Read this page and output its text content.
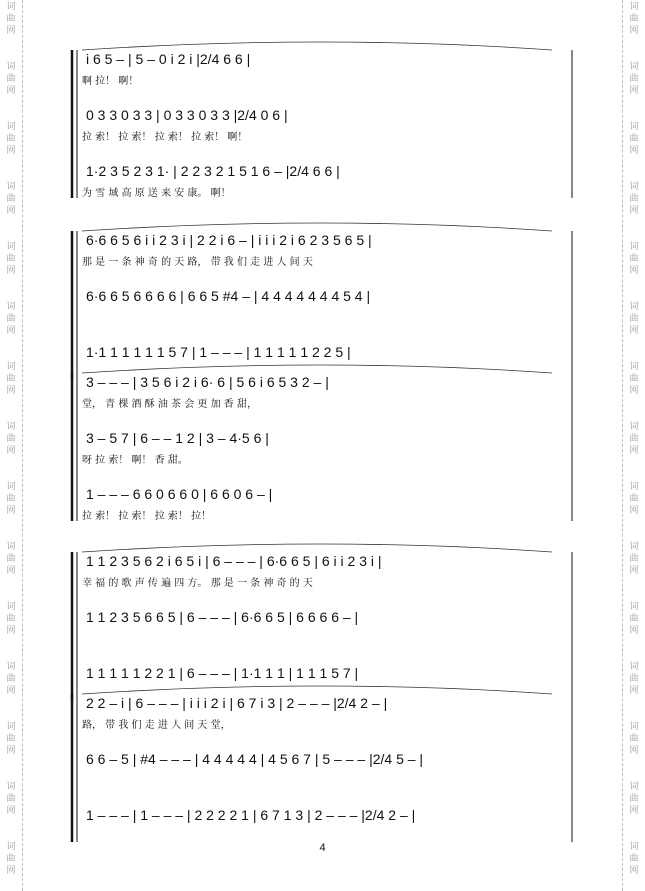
词
曲
网
词
曲
网
词
曲
网
词
曲
网
词
曲
网
词
曲
网
词
曲
网
词
曲
网
词
曲
网
词
曲
网
词
曲
网
词
曲
网
词
曲
网
词
曲
网
词
曲
网
词
曲
网
词
曲
网
词
曲
网
词
曲
网
词
曲
网
词
曲
网
词
曲
网
词
曲
网
词
曲
网
词
曲
网
词
曲
网
词
曲
网
词
曲
网
词
曲
网
词
曲
网
i 6 5 – | 5 – 0 i 2 i |2/4 6 6 |
啊 拉！ 啊！
0 3 3 0 3 3 | 0 3 3 0 3 3 |2/4 0 6 |
拉 索！ 拉 索！ 拉 索！ 拉 索！ 啊！
1·2 3 5 2 3 1· | 2 2 3 2 1 5 1 6 – |2/4 6 6 |
为 雪 域 高 原 送 来 安 康。 啊！
6·6 6 5 6 i i 2 3 i | 2 2 i 6 – | i i i 2 i 6 2 3 5 6 5 |
那 是 一 条 神 奇 的 天 路， 带 我 们 走 进 人 间 天
6·6 6 5 6 6 6 6 | 6 6 5 #4 – | 4 4 4 4 4 4 4 5 4 |
1·1 1 1 1 1 1 5 7 | 1 – – – | 1 1 1 1 1 2 2 5 |
3 – – – | 3 5 6 i 2 i 6· 6 | 5 6 i 6 5 3 2 – |
堂， 青 棵 酒 酥 油 茶 会 更 加 香 甜，
3 – 5 7 | 6 – – 1 2 | 3 – 4·5 6 |
呀 拉 索！ 啊！ 香 甜。
1 – – – 6 6 0 6 6 0 | 6 6 0 6 – |
拉 索！ 拉 索！ 拉 索！ 拉！
1 1 2 3 5 6 2 i 6 5 i | 6 – – – | 6·6 6 5 | 6 i i 2 3 i |
幸 福 的 歌 声 传 遍 四 方。 那 是 一 条 神 奇 的 天
1 1 2 3 5 6 6 5 | 6 – – – | 6·6 6 5 | 6 6 6 6 – |
1 1 1 1 1 2 2 1 | 6 – – – | 1·1 1 1 | 1 1 1 5 7 |
2 2 – i | 6 – – – | i i i 2 i | 6 7 i 3 | 2 – – – |2/4 2 – |
路， 带 我 们 走 进 人 间 天 堂，
6 6 – 5 | #4 – – – | 4 4 4 4 4 | 4 5 6 7 | 5 – – – |2/4 5 – |
1 – – – | 1 – – – | 2 2 2 2 1 | 6 7 1 3 | 2 – – – |2/4 2 – |
4
